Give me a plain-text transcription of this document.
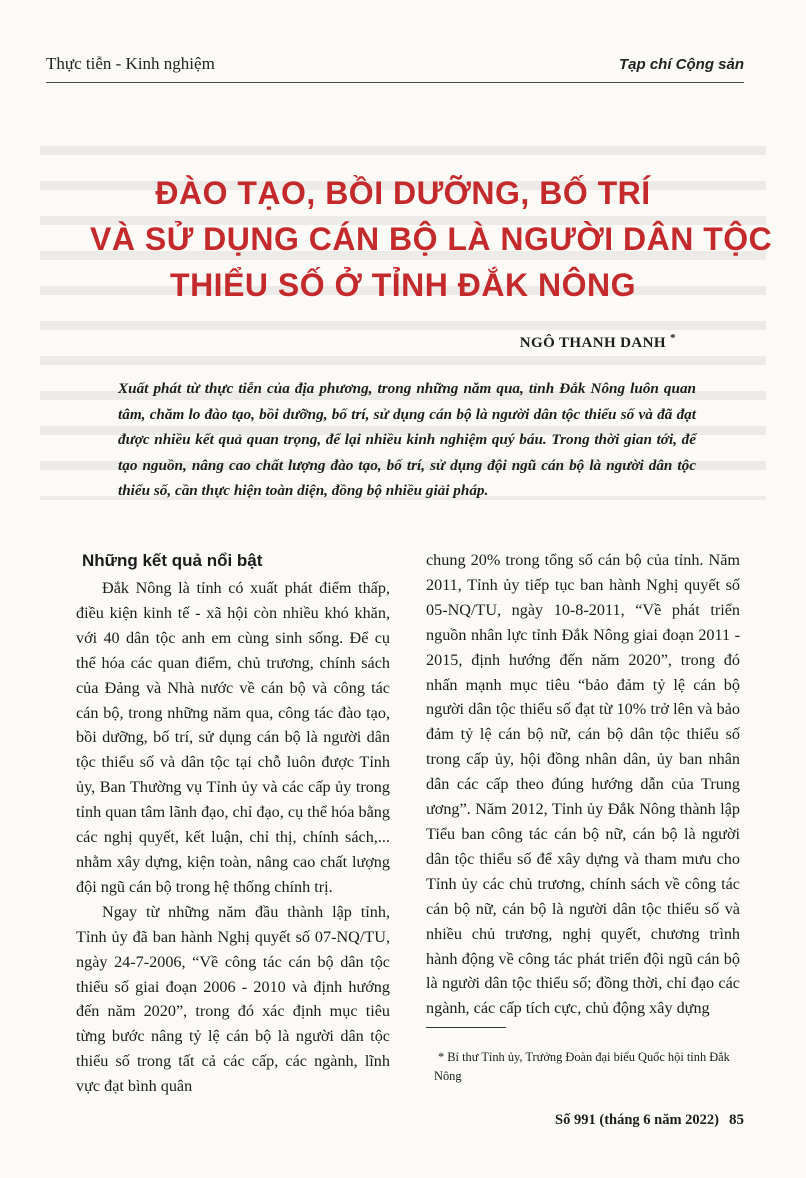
Thực tiễn - Kinh nghiệm	Tạp chí Cộng sản
ĐÀO TẠO, BỒI DƯỠNG, BỐ TRÍ
VÀ SỬ DỤNG CÁN BỘ LÀ NGƯỜI DÂN TỘC
THIỂU SỐ Ở TỈNH ĐẮK NÔNG
NGÔ THANH DANH *
Xuất phát từ thực tiễn của địa phương, trong những năm qua, tỉnh Đắk Nông luôn quan tâm, chăm lo đào tạo, bồi dưỡng, bố trí, sử dụng cán bộ là người dân tộc thiểu số và đã đạt được nhiều kết quả quan trọng, để lại nhiều kinh nghiệm quý báu. Trong thời gian tới, để tạo nguồn, nâng cao chất lượng đào tạo, bố trí, sử dụng đội ngũ cán bộ là người dân tộc thiểu số, cần thực hiện toàn diện, đồng bộ nhiều giải pháp.
Những kết quả nổi bật

Đắk Nông là tỉnh có xuất phát điểm thấp, điều kiện kinh tế - xã hội còn nhiều khó khăn, với 40 dân tộc anh em cùng sinh sống. Để cụ thể hóa các quan điểm, chủ trương, chính sách của Đảng và Nhà nước về cán bộ và công tác cán bộ, trong những năm qua, công tác đào tạo, bồi dưỡng, bố trí, sử dụng cán bộ là người dân tộc thiểu số và dân tộc tại chỗ luôn được Tỉnh ủy, Ban Thường vụ Tỉnh ủy và các cấp ủy trong tỉnh quan tâm lãnh đạo, chỉ đạo, cụ thể hóa bằng các nghị quyết, kết luận, chỉ thị, chính sách,... nhằm xây dựng, kiện toàn, nâng cao chất lượng đội ngũ cán bộ trong hệ thống chính trị.

Ngay từ những năm đầu thành lập tỉnh, Tỉnh ủy đã ban hành Nghị quyết số 07-NQ/TU, ngày 24-7-2006, “Về công tác cán bộ dân tộc thiểu số giai đoạn 2006 - 2010 và định hướng đến năm 2020”, trong đó xác định mục tiêu từng bước nâng tỷ lệ cán bộ là người dân tộc thiểu số trong tất cả các cấp, các ngành, lĩnh vực đạt bình quân

chung 20% trong tổng số cán bộ của tỉnh. Năm 2011, Tỉnh ủy tiếp tục ban hành Nghị quyết số 05-NQ/TU, ngày 10-8-2011, “Về phát triển nguồn nhân lực tỉnh Đắk Nông giai đoạn 2011 - 2015, định hướng đến năm 2020”, trong đó nhấn mạnh mục tiêu “bảo đảm tỷ lệ cán bộ người dân tộc thiểu số đạt từ 10% trở lên và bảo đảm tỷ lệ cán bộ nữ, cán bộ dân tộc thiểu số trong cấp ủy, hội đồng nhân dân, ủy ban nhân dân các cấp theo đúng hướng dẫn của Trung ương”. Năm 2012, Tỉnh ủy Đắk Nông thành lập Tiểu ban công tác cán bộ nữ, cán bộ là người dân tộc thiểu số để xây dựng và tham mưu cho Tỉnh ủy các chủ trương, chính sách về công tác cán bộ nữ, cán bộ là người dân tộc thiểu số và nhiều chủ trương, nghị quyết, chương trình hành động về công tác phát triển đội ngũ cán bộ là người dân tộc thiểu số; đồng thời, chỉ đạo các ngành, các cấp tích cực, chủ động xây dựng

* Bí thư Tỉnh ủy, Trưởng Đoàn đại biểu Quốc hội tỉnh Đắk Nông
Số 991 (tháng 6 năm 2022) 85
